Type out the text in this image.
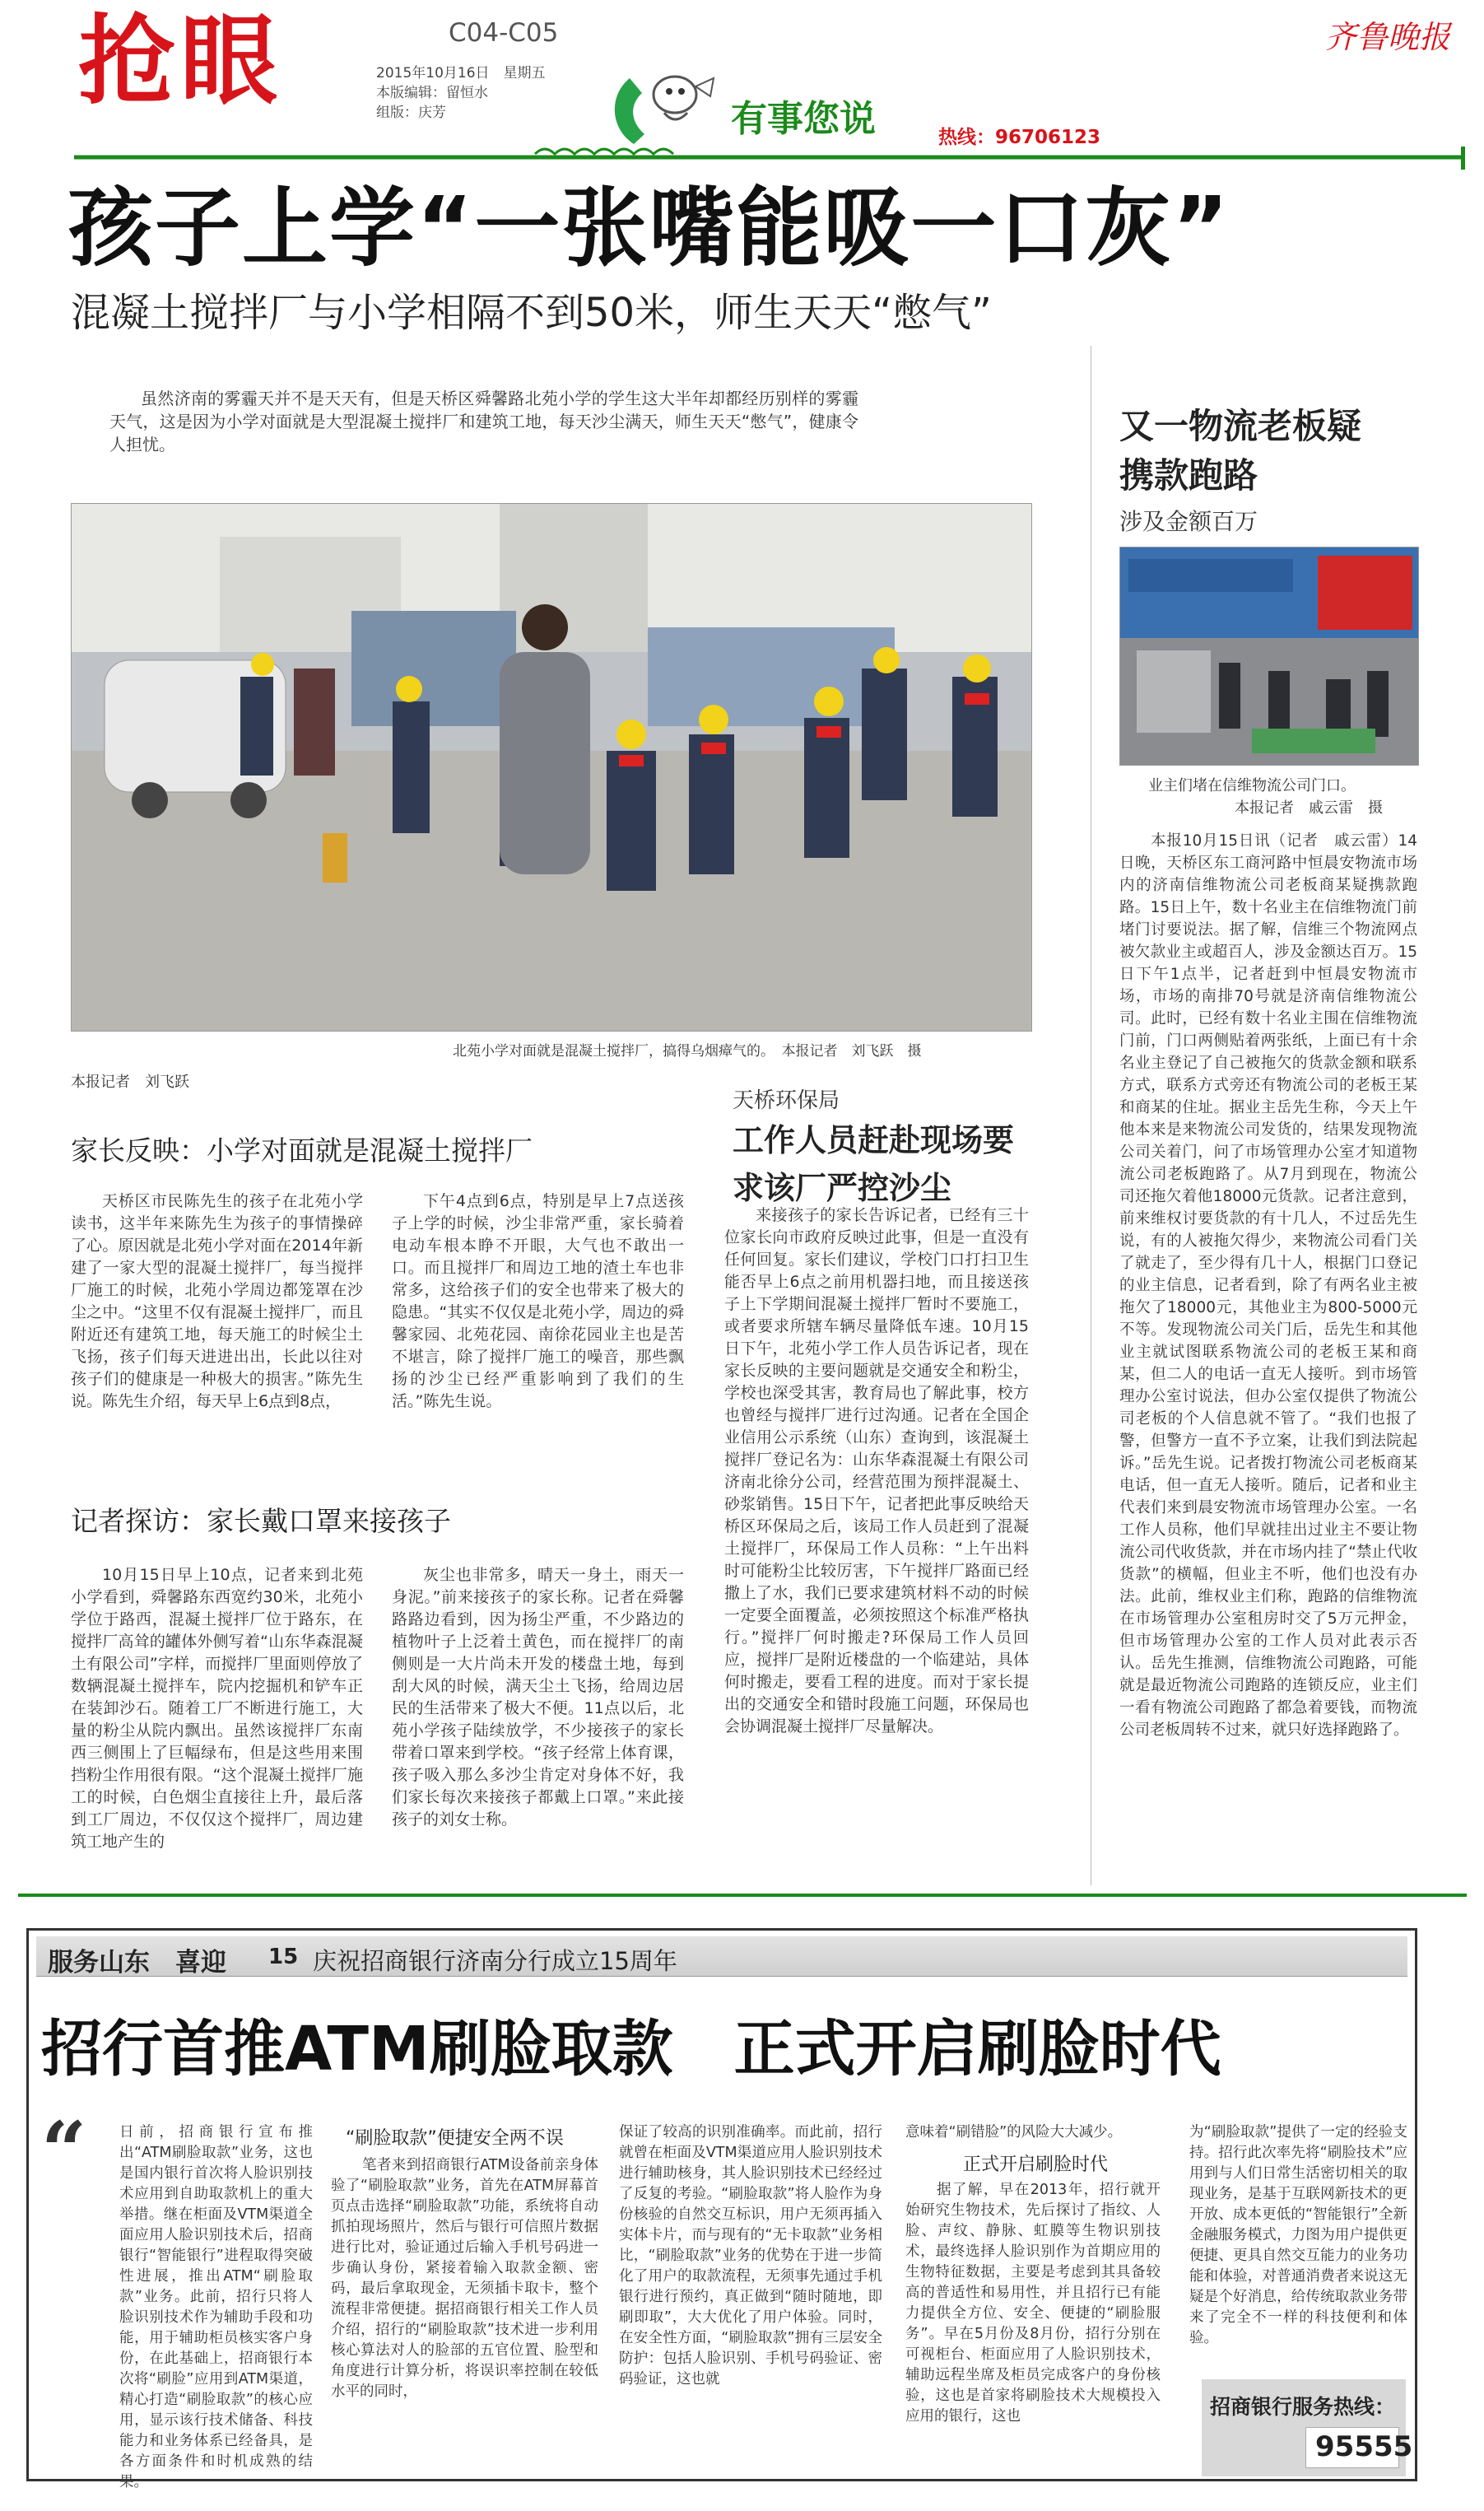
抢眼	C04-C05
2015年10月16日　星期五
本版编辑：留恒水
组版：庆芳	有事您说	热线：96706123
齐鲁晚报
孩子上学“一张嘴能吸一口灰”
混凝土搅拌厂与小学相隔不到50米，师生天天“憋气”
虽然济南的雾霾天并不是天天有，但是天桥区舜馨路北苑小学的学生这大半年却都经历别样的雾霾天气，这是因为小学对面就是大型混凝土搅拌厂和建筑工地，每天沙尘满天，师生天天“憋气”，健康令人担忧。
北苑小学对面就是混凝土搅拌厂，搞得乌烟瘴气的。　本报记者　刘飞跃　摄
本报记者　刘飞跃
家长反映：小学对面就是混凝土搅拌厂
天桥区市民陈先生的孩子在北苑小学读书，这半年来陈先生为孩子的事情操碎了心。原因就是北苑小学对面在2014年新建了一家大型的混凝土搅拌厂，每当搅拌厂施工的时候，北苑小学周边都笼罩在沙尘之中。“这里不仅有混凝土搅拌厂，而且附近还有建筑工地，每天施工的时候尘土飞扬，孩子们每天进进出出，长此以往对孩子们的健康是一种极大的损害。”陈先生说。陈先生介绍，每天早上6点到8点，
下午4点到6点，特别是早上7点送孩子上学的时候，沙尘非常严重，家长骑着电动车根本睁不开眼，大气也不敢出一口。而且搅拌厂和周边工地的渣土车也非常多，这给孩子们的安全也带来了极大的隐患。“其实不仅仅是北苑小学，周边的舜馨家园、北苑花园、南徐花园业主也是苦不堪言，除了搅拌厂施工的噪音，那些飘扬的沙尘已经严重影响到了我们的生活。”陈先生说。
记者探访：家长戴口罩来接孩子
10月15日早上10点，记者来到北苑小学看到，舜馨路东西宽约30米，北苑小学位于路西，混凝土搅拌厂位于路东，在搅拌厂高耸的罐体外侧写着“山东华森混凝土有限公司”字样，而搅拌厂里面则停放了数辆混凝土搅拌车，院内挖掘机和铲车正在装卸沙石。随着工厂不断进行施工，大量的粉尘从院内飘出。虽然该搅拌厂东南西三侧围上了巨幅绿布，但是这些用来围挡粉尘作用很有限。“这个混凝土搅拌厂施工的时候，白色烟尘直接往上升，最后落到工厂周边，不仅仅这个搅拌厂，周边建筑工地产生的
灰尘也非常多，晴天一身土，雨天一身泥。”前来接孩子的家长称。记者在舜馨路路边看到，因为扬尘严重，不少路边的植物叶子上泛着土黄色，而在搅拌厂的南侧则是一大片尚未开发的楼盘土地，每到刮大风的时候，满天尘土飞扬，给周边居民的生活带来了极大不便。11点以后，北苑小学孩子陆续放学，不少接孩子的家长带着口罩来到学校。“孩子经常上体育课，孩子吸入那么多沙尘肯定对身体不好，我们家长每次来接孩子都戴上口罩。”来此接孩子的刘女士称。
天桥环保局
工作人员赶赴现场要求该厂严控沙尘
来接孩子的家长告诉记者，已经有三十位家长向市政府反映过此事，但是一直没有任何回复。家长们建议，学校门口打扫卫生能否早上6点之前用机器扫地，而且接送孩子上下学期间混凝土搅拌厂暂时不要施工，或者要求所辖车辆尽量降低车速。10月15日下午，北苑小学工作人员告诉记者，现在家长反映的主要问题就是交通安全和粉尘，学校也深受其害，教育局也了解此事，校方也曾经与搅拌厂进行过沟通。记者在全国企业信用公示系统（山东）查询到，该混凝土搅拌厂登记名为：山东华森混凝土有限公司济南北徐分公司，经营范围为预拌混凝土、砂浆销售。15日下午，记者把此事反映给天桥区环保局之后，该局工作人员赶到了混凝土搅拌厂，环保局工作人员称：“上午出料时可能粉尘比较厉害，下午搅拌厂路面已经撒上了水，我们已要求建筑材料不动的时候一定要全面覆盖，必须按照这个标准严格执行。”搅拌厂何时搬走?环保局工作人员回应，搅拌厂是附近楼盘的一个临建站，具体何时搬走，要看工程的进度。而对于家长提出的交通安全和错时段施工问题，环保局也会协调混凝土搅拌厂尽量解决。
又一物流老板疑携款跑路
涉及金额百万
业主们堵在信维物流公司门口。
本报记者　戚云雷　摄
本报10月15日讯（记者　戚云雷）14日晚，天桥区东工商河路中恒晨安物流市场内的济南信维物流公司老板商某疑携款跑路。15日上午，数十名业主在信维物流门前堵门讨要说法。据了解，信维三个物流网点被欠款业主或超百人，涉及金额达百万。15日下午1点半，记者赶到中恒晨安物流市场，市场的南排70号就是济南信维物流公司。此时，已经有数十名业主围在信维物流门前，门口两侧贴着两张纸，上面已有十余名业主登记了自己被拖欠的货款金额和联系方式，联系方式旁还有物流公司的老板王某和商某的住址。据业主岳先生称，今天上午他本来是来物流公司发货的，结果发现物流公司关着门，问了市场管理办公室才知道物流公司老板跑路了。从7月到现在，物流公司还拖欠着他18000元货款。记者注意到，前来维权讨要货款的有十几人，不过岳先生说，有的人被拖欠得少，来物流公司看门关了就走了，至少得有几十人，根据门口登记的业主信息，记者看到，除了有两名业主被拖欠了18000元，其他业主为800-5000元不等。发现物流公司关门后，岳先生和其他业主就试图联系物流公司的老板王某和商某，但二人的电话一直无人接听。到市场管理办公室讨说法，但办公室仅提供了物流公司老板的个人信息就不管了。“我们也报了警，但警方一直不予立案，让我们到法院起诉。”岳先生说。记者拨打物流公司老板商某电话，但一直无人接听。随后，记者和业主代表们来到晨安物流市场管理办公室。一名工作人员称，他们早就挂出过业主不要让物流公司代收货款，并在市场内挂了“禁止代收货款”的横幅，但业主不听，他们也没有办法。此前，维权业主们称，跑路的信维物流在市场管理办公室租房时交了5万元押金，但市场管理办公室的工作人员对此表示否认。岳先生推测，信维物流公司跑路，可能就是最近物流公司跑路的连锁反应，业主们一看有物流公司跑路了都急着要钱，而物流公司老板周转不过来，就只好选择跑路了。
服务山东　喜迎 15 庆祝招商银行济南分行成立15周年
招行首推ATM刷脸取款　正式开启刷脸时代
“ 日前，招商银行宣布推出“ATM刷脸取款”业务，这也是国内银行首次将人脸识别技术应用到自助取款机上的重大举措。继在柜面及VTM渠道全面应用人脸识别技术后，招商银行“智能银行”进程取得突破性进展，推出ATM“刷脸取款”业务。此前，招行只将人脸识别技术作为辅助手段和功能，用于辅助柜员核实客户身份，在此基础上，招商银行本次将“刷脸”应用到ATM渠道，精心打造“刷脸取款”的核心应用，显示该行技术储备、科技能力和业务体系已经备具，是各方面条件和时机成熟的结果。
“刷脸取款”便捷安全两不误
笔者来到招商银行ATM设备前亲身体验了“刷脸取款”业务，首先在ATM屏幕首页点击选择“刷脸取款”功能，系统将自动抓拍现场照片，然后与银行可信照片数据进行比对，验证通过后输入手机号码进一步确认身份，紧接着输入取款金额、密码，最后拿取现金，无须插卡取卡，整个流程非常便捷。据招商银行相关工作人员介绍，招行的“刷脸取款”技术进一步利用核心算法对人的脸部的五官位置、脸型和角度进行计算分析，将误识率控制在较低水平的同时，
保证了较高的识别准确率。而此前，招行就曾在柜面及VTM渠道应用人脸识别技术进行辅助核身，其人脸识别技术已经经过了反复的考验。“刷脸取款”将人脸作为身份核验的自然交互标识，用户无须再插入实体卡片，而与现有的“无卡取款”业务相比，“刷脸取款”业务的优势在于进一步简化了用户的取款流程，无须事先通过手机银行进行预约，真正做到“随时随地，即刷即取”，大大优化了用户体验。同时，在安全性方面，“刷脸取款”拥有三层安全防护：包括人脸识别、手机号码验证、密码验证，这也就
意味着“刷错脸”的风险大大减少。
正式开启刷脸时代
据了解，早在2013年，招行就开始研究生物技术，先后探讨了指纹、人脸、声纹、静脉、虹膜等生物识别技术，最终选择人脸识别作为首期应用的生物特征数据，主要是考虑到其具备较高的普适性和易用性，并且招行已有能力提供全方位、安全、便捷的“刷脸服务”。早在5月份及8月份，招行分别在可视柜台、柜面应用了人脸识别技术，辅助远程坐席及柜员完成客户的身份核验，这也是首家将刷脸技术大规模投入应用的银行，这也
为“刷脸取款”提供了一定的经验支持。招行此次率先将“刷脸技术”应用到与人们日常生活密切相关的取现业务，是基于互联网新技术的更开放、成本更低的“智能银行”全新金融服务模式，力图为用户提供更便捷、更具自然交互能力的业务功能和体验，对普通消费者来说这无疑是个好消息，给传统取款业务带来了完全不一样的科技便利和体验。
招商银行服务热线：
95555
